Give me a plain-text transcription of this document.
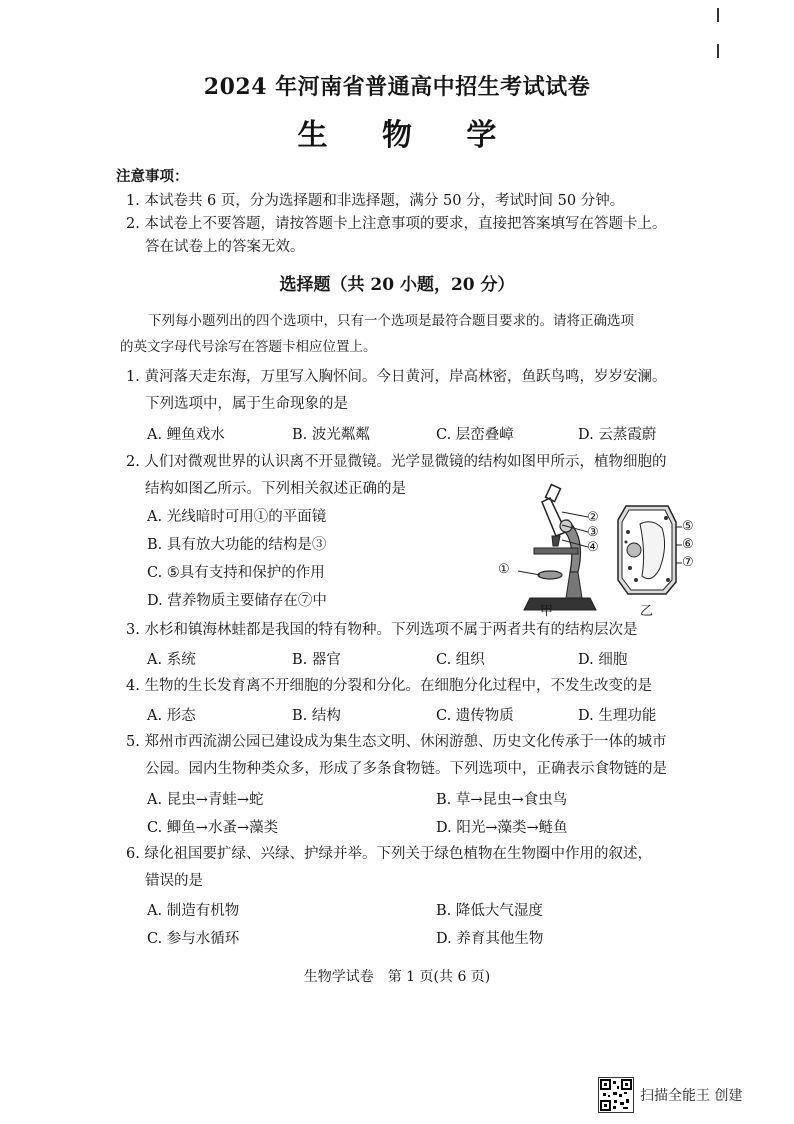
2024 年河南省普通高中招生考试试卷
生 物 学
注意事项：
1. 本试卷共 6 页，分为选择题和非选择题，满分 50 分，考试时间 50 分钟。
2. 本试卷上不要答题，请按答题卡上注意事项的要求，直接把答案填写在答题卡上。
答在试卷上的答案无效。
选择题（共 20 小题，20 分）
下列每小题列出的四个选项中，只有一个选项是最符合题目要求的。请将正确选项
的英文字母代号涂写在答题卡相应位置上。
1. 黄河落天走东海，万里写入胸怀间。今日黄河，岸高林密，鱼跃鸟鸣，岁岁安澜。
下列选项中，属于生命现象的是
A. 鲤鱼戏水	B. 波光粼粼	C. 层峦叠嶂	D. 云蒸霞蔚
2. 人们对微观世界的认识离不开显微镜。光学显微镜的结构如图甲所示，植物细胞的
结构如图乙所示。下列相关叙述正确的是
A. 光线暗时可用①的平面镜
B. 具有放大功能的结构是③
C. ⑤具有支持和保护的作用
D. 营养物质主要储存在⑦中
②
③
④
①
甲
⑤
⑥
⑦
乙
3. 水杉和镇海林蛙都是我国的特有物种。下列选项不属于两者共有的结构层次是
A. 系统	B. 器官	C. 组织	D. 细胞
4. 生物的生长发育离不开细胞的分裂和分化。在细胞分化过程中，不发生改变的是
A. 形态	B. 结构	C. 遗传物质	D. 生理功能
5. 郑州市西流湖公园已建设成为集生态文明、休闲游憩、历史文化传承于一体的城市
公园。园内生物种类众多，形成了多条食物链。下列选项中，正确表示食物链的是
A. 昆虫→青蛙→蛇	B. 草→昆虫→食虫鸟
C. 鲫鱼→水蚤→藻类	D. 阳光→藻类→鲢鱼
6. 绿化祖国要扩绿、兴绿、护绿并举。下列关于绿色植物在生物圈中作用的叙述，
错误的是
A. 制造有机物	B. 降低大气湿度
C. 参与水循环	D. 养育其他生物
生物学试卷　第 1 页(共 6 页)
扫描全能王 创建
